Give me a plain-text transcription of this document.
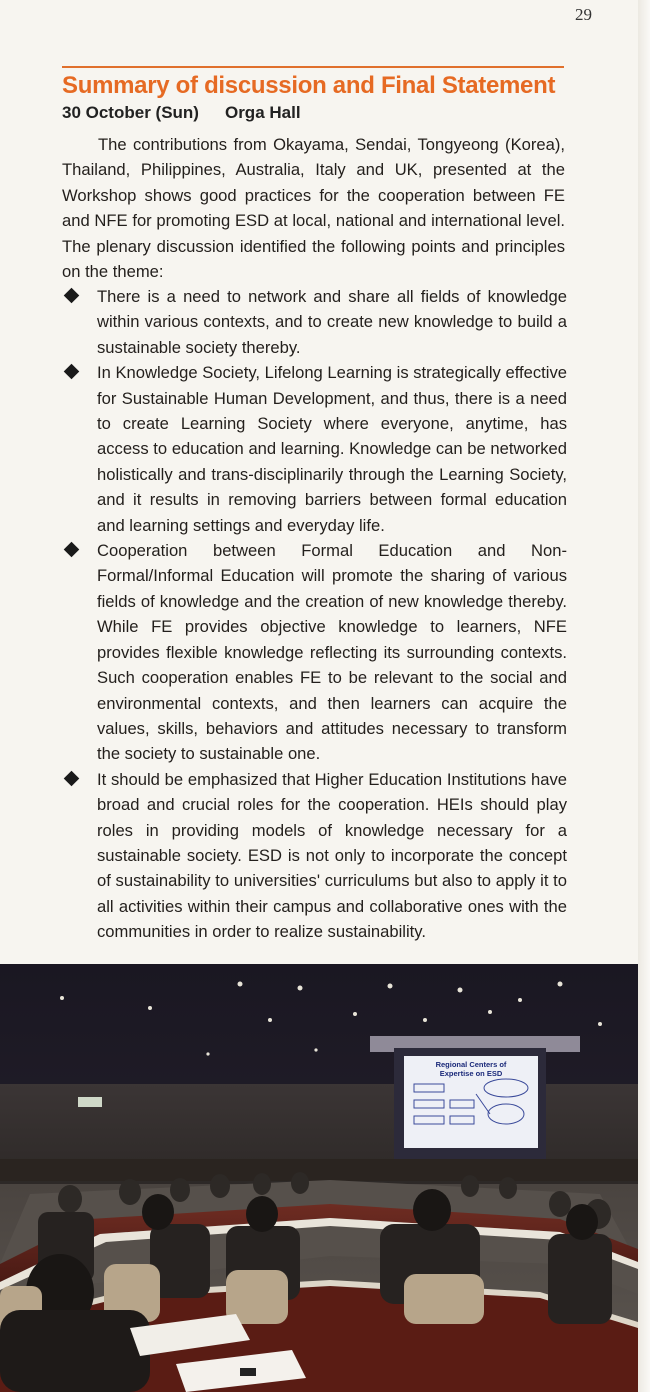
29
Summary of discussion and Final Statement
30 October (Sun) Orga Hall

The contributions from Okayama, Sendai, Tongyeong (Korea), Thailand, Philippines, Australia, Italy and UK, presented at the Workshop shows good practices for the cooperation between FE and NFE for promoting ESD at local, national and international level. The plenary discussion identified the following points and principles on the theme:

There is a need to network and share all fields of knowledge within various contexts, and to create new knowledge to build a sustainable society thereby.
In Knowledge Society, Lifelong Learning is strategically effective for Sustainable Human Development, and thus, there is a need to create Learning Society where everyone, anytime, has access to education and learning. Knowledge can be networked holistically and trans-disciplinarily through the Learning Society, and it results in removing barriers between formal education and learning settings and everyday life.
Cooperation between Formal Education and Non-Formal/Informal Education will promote the sharing of various fields of knowledge and the creation of new knowledge thereby. While FE provides objective knowledge to learners, NFE provides flexible knowledge reflecting its surrounding contexts. Such cooperation enables FE to be relevant to the social and environmental contexts, and then learners can acquire the values, skills, behaviors and attitudes necessary to transform the society to sustainable one.
It should be emphasized that Higher Education Institutions have broad and crucial roles for the cooperation. HEIs should play roles in providing models of knowledge necessary for a sustainable society. ESD is not only to incorporate the concept of sustainability to universities' curriculums but also to apply it to all activities within their campus and collaborative ones with the communities in order to realize sustainability.
Regional Centers of
Expertise on ESD
